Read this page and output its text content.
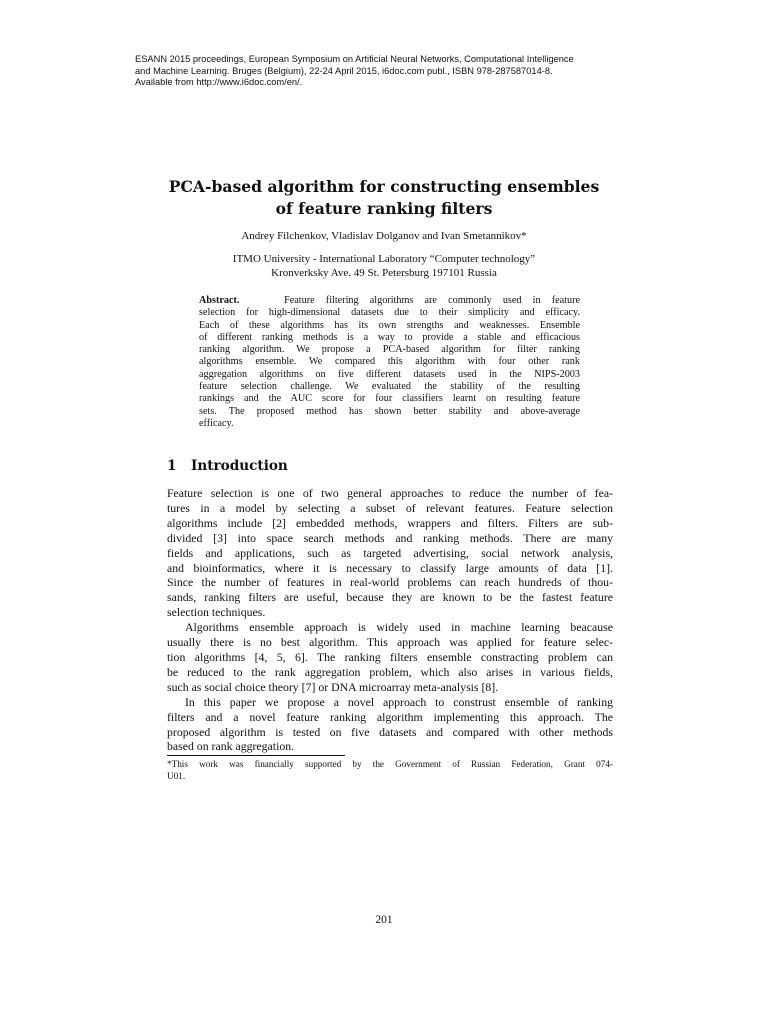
ESANN 2015 proceedings, European Symposium on Artificial Neural Networks, Computational Intelligence
and Machine Learning. Bruges (Belgium), 22-24 April 2015, i6doc.com publ., ISBN 978-287587014-8.
Available from http://www.i6doc.com/en/.
PCA-based algorithm for constructing ensembles
of feature ranking filters
Andrey Filchenkov, Vladislav Dolganov and Ivan Smetannikov*
ITMO University - International Laboratory “Computer technology”
Kronverksky Ave. 49 St. Petersburg 197101 Russia
Abstract.	Feature filtering algorithms are commonly used in feature
selection for high-dimensional datasets due to their simplicity and efficacy.
Each of these algorithms has its own strengths and weaknesses. Ensemble
of different ranking methods is a way to provide a stable and efficacious
ranking algorithm. We propose a PCA-based algorithm for filter ranking
algorithms ensemble. We compared this algorithm with four other rank
aggregation algorithms on five different datasets used in the NIPS-2003
feature selection challenge. We evaluated the stability of the resulting
rankings and the AUC score for four classifiers learnt on resulting feature
sets. The proposed method has shown better stability and above-average
efficacy.
1 Introduction
Feature selection is one of two general approaches to reduce the number of fea-
tures in a model by selecting a subset of relevant features. Feature selection
algorithms include [2] embedded methods, wrappers and filters. Filters are sub-
divided [3] into space search methods and ranking methods. There are many
fields and applications, such as targeted advertising, social network analysis,
and bioinformatics, where it is necessary to classify large amounts of data [1].
Since the number of features in real-world problems can reach hundreds of thou-
sands, ranking filters are useful, because they are known to be the fastest feature
selection techniques.
Algorithms ensemble approach is widely used in machine learning beacause
usually there is no best algorithm. This approach was applied for feature selec-
tion algorithms [4, 5, 6]. The ranking filters ensemble constracting problem can
be reduced to the rank aggregation problem, which also arises in various fields,
such as social choice theory [7] or DNA microarray meta-analysis [8].
In this paper we propose a novel approach to construst ensemble of ranking
filters and a novel feature ranking algorithm implementing this approach. The
proposed algorithm is tested on five datasets and compared with other methods
based on rank aggregation.
*This work was financially supported by the Government of Russian Federation, Grant 074-
U01.
201
